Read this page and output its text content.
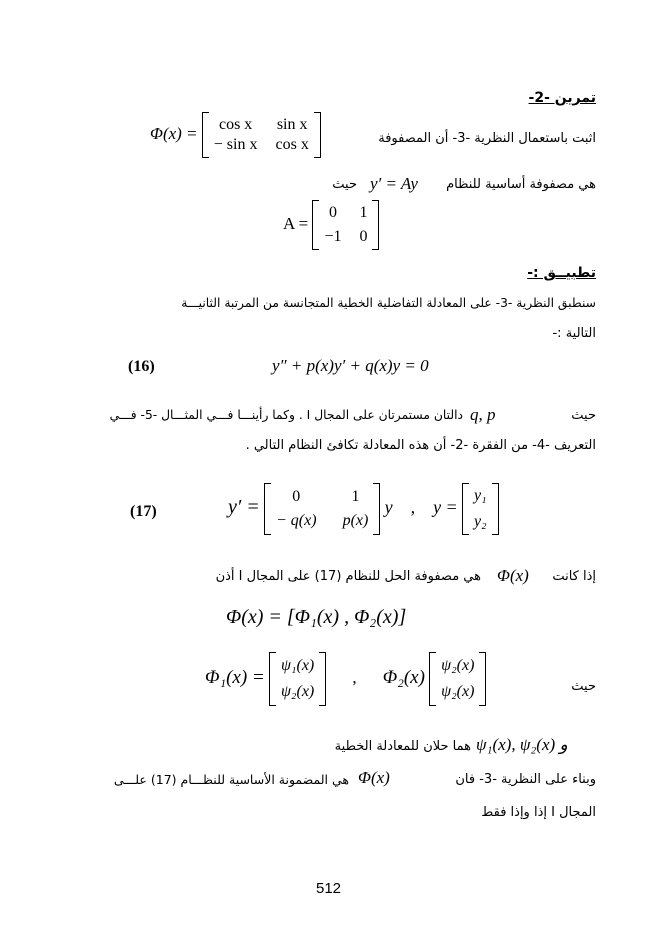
تمرين -2-
اثبت باستعمال النظرية -3- أن المصفوفة
Φ(x) =	cos x	sin x
− sin x cos x
هي مصفوفة أساسية للنظام
y′ = Ay
حيث
A =
0 1
−1 0
تطبيــق :-
سنطبق النظرية -3- على المعادلة التفاضلية الخطية المتجانسة من المرتبة الثانيـــة
التالية :-
(16)	y″ + p(x)y′ + q(x)y = 0
حيث
q, p
دالتان مستمرتان على المجال I . وكما رأينـــا فـــي المثـــال -5- فـــي
التعريف -4- من الفقرة -2- أن هذه المعادلة تكافئ النظام التالي .
(17)	y′ =	0	1
− q(x) p(x)
y    ,    y =
y₁
y₂
إذا كانت
Φ(x)
هي مصفوفة الحل للنظام (17) على المجال I أذن
Φ(x) = [Φ₁(x) , Φ₂(x)]
حيث
Φ₁(x) =
ψ₁(x)
ψ₂(x)
, Φ₂(x)
ψ₂(x)
ψ₂(x)
ψ₁(x), ψ₂(x) و
هما حلان للمعادلة الخطية
وبناء على النظرية -3- فان
Φ(x)
هي المضمونة الأساسية للنظـــام (17) علـــى
المجال I إذا وإذا فقط
512
